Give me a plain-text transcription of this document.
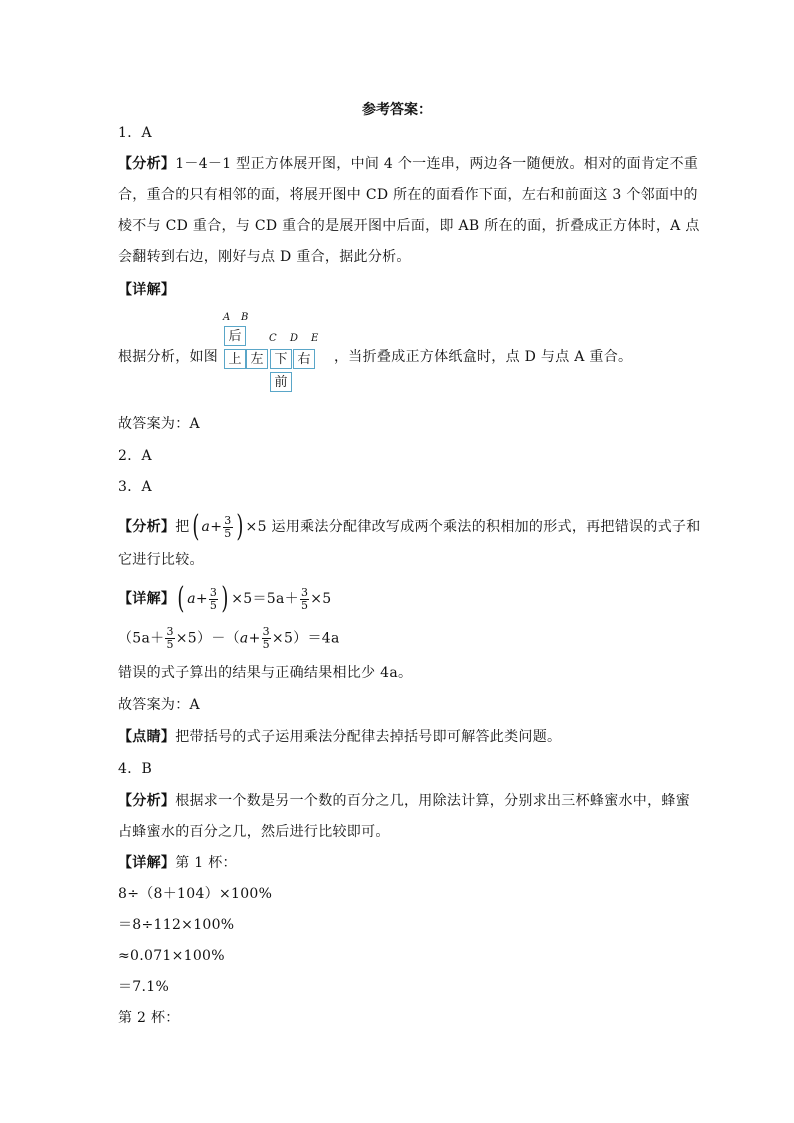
参考答案：
1．A
【分析】1－4－1 型正方体展开图，中间 4 个一连串，两边各一随便放。相对的面肯定不重
合，重合的只有相邻的面，将展开图中 CD 所在的面看作下面，左右和前面这 3 个邻面中的
棱不与 CD 重合，与 CD 重合的是展开图中后面，即 AB 所在的面，折叠成正方体时，A 点
会翻转到右边，刚好与点 D 重合，据此分析。
【详解】
根据分析，如图
A B
C D E
后
上 左 下 右
前
，当折叠成正方体纸盒时，点 D 与点 A 重合。
故答案为：A
2．A
3．A
【分析】把( $a+ \frac{3}{5}$ ) ×5 运用乘法分配律改写成两个乘法的积相加的形式，再把错误的式子和
它进行比较。
【详解】( $a+ \frac{3}{5}$ ) $\times 5=5a+ \frac{3}{5} \times 5$
$(5a+ \frac{3}{5} \times 5)-(a+ \frac{3}{5} \times 5)=4a$
错误的式子算出的结果与正确结果相比少 4a。
故答案为：A
【点睛】把带括号的式子运用乘法分配律去掉括号即可解答此类问题。
4．B
【分析】根据求一个数是另一个数的百分之几，用除法计算，分别求出三杯蜂蜜水中，蜂蜜
占蜂蜜水的百分之几，然后进行比较即可。
【详解】第 1 杯：
8÷（8＋104）×100%
＝8÷112×100%
≈0.071×100%
＝7.1%
第 2 杯：
